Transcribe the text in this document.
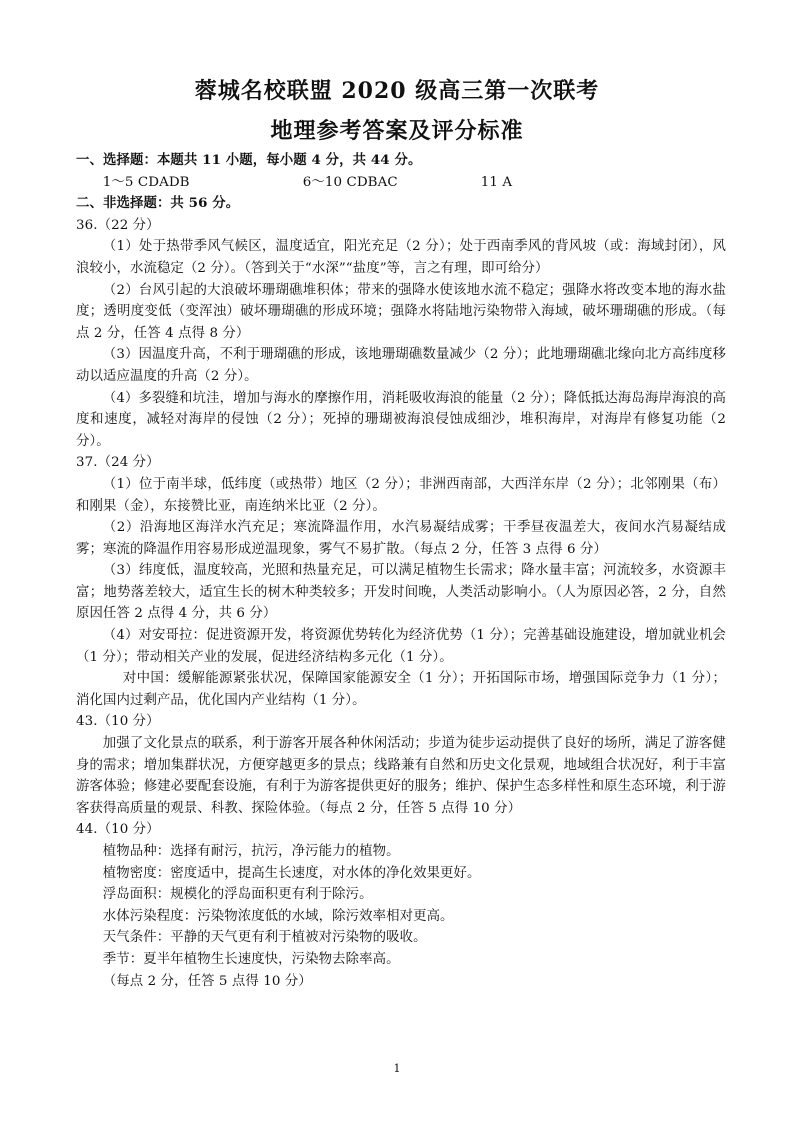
蓉城名校联盟 2020 级高三第一次联考
地理参考答案及评分标准

一、选择题：本题共 11 小题，每小题 4 分，共 44 分。

1～5 CDADB	6～10 CDBAC	11 A

二、非选择题：共 56 分。

36.（22 分）

（1）处于热带季风气候区，温度适宜，阳光充足（2 分）；处于西南季风的背风坡（或：海域封闭），风浪较小，水流稳定（2 分）。（答到关于“水深”“盐度”等，言之有理，即可给分）

（2）台风引起的大浪破坏珊瑚礁堆积体；带来的强降水使该地水流不稳定；强降水将改变本地的海水盐度；透明度变低（变浑浊）破坏珊瑚礁的形成环境；强降水将陆地污染物带入海域，破坏珊瑚礁的形成。（每点 2 分，任答 4 点得 8 分）

（3）因温度升高，不利于珊瑚礁的形成，该地珊瑚礁数量减少（2 分）；此地珊瑚礁北缘向北方高纬度移动以适应温度的升高（2 分）。

（4）多裂缝和坑洼，增加与海水的摩擦作用，消耗吸收海浪的能量（2 分）；降低抵达海岛海岸海浪的高度和速度，减轻对海岸的侵蚀（2 分）；死掉的珊瑚被海浪侵蚀成细沙，堆积海岸，对海岸有修复功能（2 分）。

37.（24 分）

（1）位于南半球，低纬度（或热带）地区（2 分）；非洲西南部，大西洋东岸（2 分）；北邻刚果（布）和刚果（金），东接赞比亚，南连纳米比亚（2 分）。

（2）沿海地区海洋水汽充足；寒流降温作用，水汽易凝结成雾；干季昼夜温差大，夜间水汽易凝结成雾；寒流的降温作用容易形成逆温现象，雾气不易扩散。（每点 2 分，任答 3 点得 6 分）

（3）纬度低，温度较高，光照和热量充足，可以满足植物生长需求；降水量丰富；河流较多，水资源丰富；地势落差较大，适宜生长的树木种类较多；开发时间晚，人类活动影响小。（人为原因必答，2 分，自然原因任答 2 点得 4 分，共 6 分）

（4）对安哥拉：促进资源开发，将资源优势转化为经济优势（1 分）；完善基础设施建设，增加就业机会（1 分）；带动相关产业的发展，促进经济结构多元化（1 分）。

对中国：缓解能源紧张状况，保障国家能源安全（1 分）；开拓国际市场，增强国际竞争力（1 分）；消化国内过剩产品，优化国内产业结构（1 分）。

43.（10 分）

加强了文化景点的联系，利于游客开展各种休闲活动；步道为徒步运动提供了良好的场所，满足了游客健身的需求；增加集群状况，方便穿越更多的景点；线路兼有自然和历史文化景观，地域组合状况好，利于丰富游客体验；修建必要配套设施，有利于为游客提供更好的服务；维护、保护生态多样性和原生态环境，利于游客获得高质量的观景、科教、探险体验。（每点 2 分，任答 5 点得 10 分）

44.（10 分）

植物品种：选择有耐污，抗污，净污能力的植物。

植物密度：密度适中，提高生长速度，对水体的净化效果更好。

浮岛面积：规模化的浮岛面积更有利于除污。

水体污染程度：污染物浓度低的水域，除污效率相对更高。

天气条件：平静的天气更有利于植被对污染物的吸收。

季节：夏半年植物生长速度快，污染物去除率高。

（每点 2 分，任答 5 点得 10 分）

1
